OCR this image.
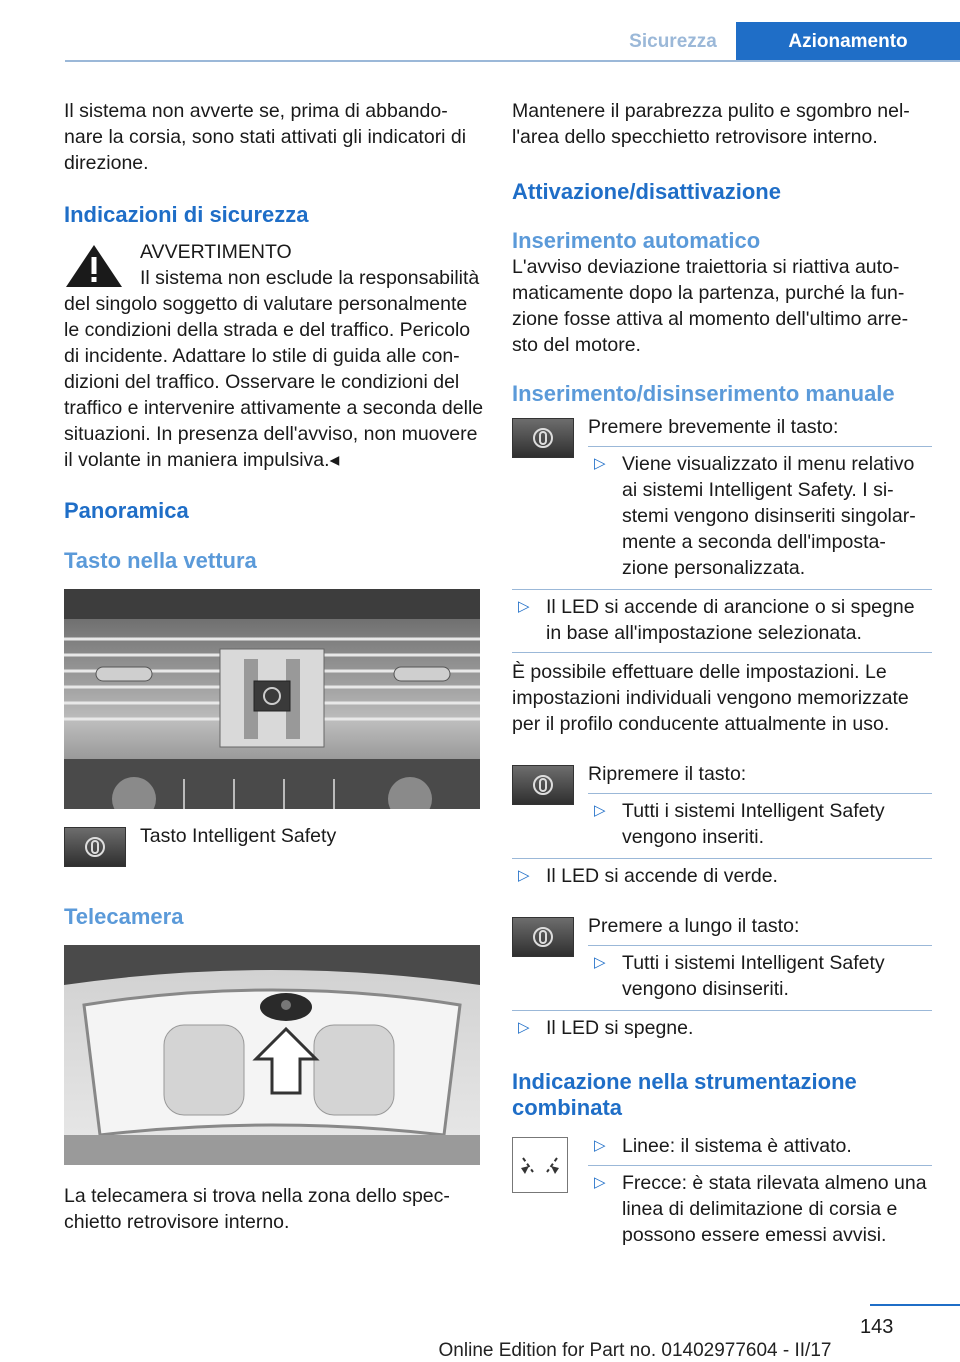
Sicurezza	Azionamento

Il sistema non avverte se, prima di abbando‐nare la corsia, sono stati attivati gli indicatori di direzione.

Indicazioni di sicurezza

AVVERTIMENTO

Il sistema non esclude la responsabilità del singolo soggetto di valutare personalmente le condizioni della strada e del traffico. Pericolo di incidente. Adattare lo stile di guida alle con‐dizioni del traffico. Osservare le condizioni del traffico e intervenire attivamente a seconda delle situazioni. In presenza dell'avviso, non muovere il volante in maniera impulsiva.◂

Panoramica

Tasto nella vettura

Tasto Intelligent Safety

Telecamera

La telecamera si trova nella zona dello spec‐chietto retrovisore interno.

Mantenere il parabrezza pulito e sgombro nel‐l'area dello specchietto retrovisore interno.

Attivazione/disattivazione

Inserimento automatico

L'avviso deviazione traiettoria si riattiva auto‐maticamente dopo la partenza, purché la fun‐zione fosse attiva al momento dell'ultimo arre‐sto del motore.

Inserimento/disinserimento manuale

Premere brevemente il tasto:

▷ Viene visualizzato il menu relativo ai sistemi Intelligent Safety. I si‐stemi vengono disinseriti singolar‐mente a seconda dell'imposta‐zione personalizzata.
▷ Il LED si accende di arancione o si spegne in base all'impostazione selezionata.

È possibile effettuare delle impostazioni. Le impostazioni individuali vengono memorizzate per il profilo conducente attualmente in uso.

Ripremere il tasto:

▷ Tutti i sistemi Intelligent Safety vengono inseriti.
▷ Il LED si accende di verde.

Premere a lungo il tasto:

▷ Tutti i sistemi Intelligent Safety vengono disinseriti.
▷ Il LED si spegne.

Indicazione nella strumentazione combinata

▷ Linee: il sistema è attivato.
▷ Frecce: è stata rilevata almeno una linea di delimitazione di corsia e possono essere emessi avvisi.
143
Online Edition for Part no. 01402977604 - II/17
